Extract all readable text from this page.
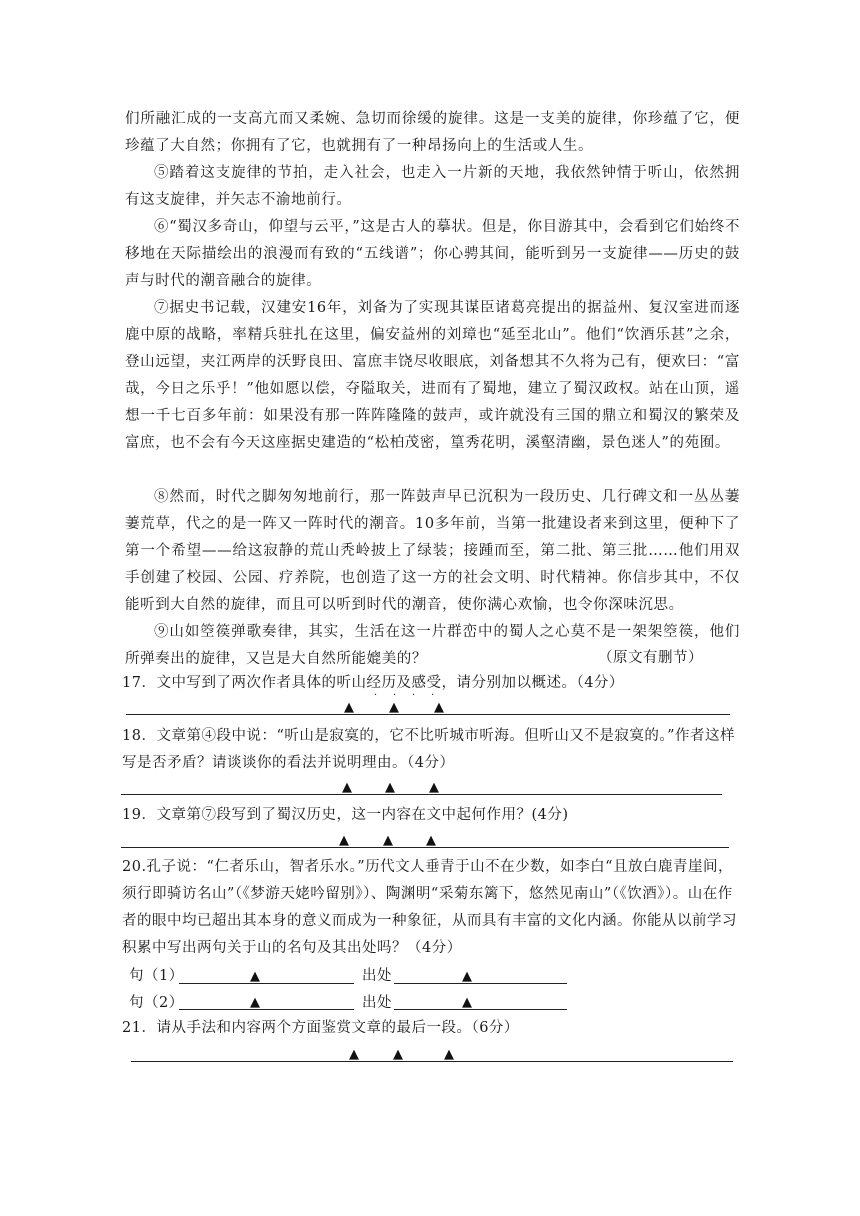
们所融汇成的一支高亢而又柔婉、急切而徐缓的旋律。这是一支美的旋律，你珍蕴了它，便珍蕴了大自然；你拥有了它，也就拥有了一种昂扬向上的生活或人生。

⑤踏着这支旋律的节拍，走入社会，也走入一片新的天地，我依然钟情于听山，依然拥有这支旋律，并矢志不渝地前行。

⑥“蜀汉多奇山，仰望与云平，”这是古人的摹状。但是，你目游其中，会看到它们始终不移地在天际描绘出的浪漫而有致的“五线谱”；你心骋其间，能听到另一支旋律——历史的鼓声与时代的潮音融合的旋律。

⑦据史书记载，汉建安16年，刘备为了实现其谋臣诸葛亮提出的据益州、复汉室进而逐鹿中原的战略，率精兵驻扎在这里，偏安益州的刘璋也“延至北山”。他们“饮酒乐甚”之余，登山远望，夹江两岸的沃野良田、富庶丰饶尽收眼底，刘备想其不久将为己有，便欢曰：“富哉，今日之乐乎！”他如愿以偿，夺隘取关，进而有了蜀地，建立了蜀汉政权。站在山顶，遥想一千七百多年前：如果没有那一阵阵隆隆的鼓声，或许就没有三国的鼎立和蜀汉的繁荣及富庶，也不会有今天这座据史建造的“松柏茂密，篁秀花明，溪壑清幽，景色迷人”的苑囿。

⑧然而，时代之脚匆匆地前行，那一阵鼓声早已沉积为一段历史、几行碑文和一丛丛萋萋荒草，代之的是一阵又一阵时代的潮音。10多年前，当第一批建设者来到这里，便种下了第一个希望——给这寂静的荒山秃岭披上了绿装；接踵而至，第二批、第三批……他们用双手创建了校园、公园、疗养院，也创造了这一方的社会文明、时代精神。你信步其中，不仅能听到大自然的旋律，而且可以听到时代的潮音，使你满心欢愉，也令你深味沉思。

⑨山如箜篌弹歌奏律，其实，生活在这一片群峦中的蜀人之心莫不是一架架箜篌，他们所弹奏出的旋律，又岂是大自然所能媲美的？	（原文有删节）

17．文中写到了两次作者具体的听山经历及感受，请分别加以概述。（4分）

· · · ·
▲	▲	▲

18．文章第④段中说：“听山是寂寞的，它不比听城市听海。但听山又不是寂寞的。”作者这样写是否矛盾？请谈谈你的看法并说明理由。（4分）

▲	▲	▲

19．文章第⑦段写到了蜀汉历史，这一内容在文中起何作用？(4分)

▲	▲	▲

20.孔子说：“仁者乐山，智者乐水。”历代文人垂青于山不在少数，如李白“且放白鹿青崖间，须行即骑访名山”（《梦游天姥吟留别》）、陶渊明“采菊东篱下，悠然见南山”（《饮酒》）。山在作者的眼中均已超出其本身的意义而成为一种象征，从而具有丰富的文化内涵。你能从以前学习积累中写出两句关于山的名句及其出处吗？（4分）

句（1）	▲	出处	▲
句（2）	▲	出处	▲

21．请从手法和内容两个方面鉴赏文章的最后一段。（6分）

▲	▲	▲
